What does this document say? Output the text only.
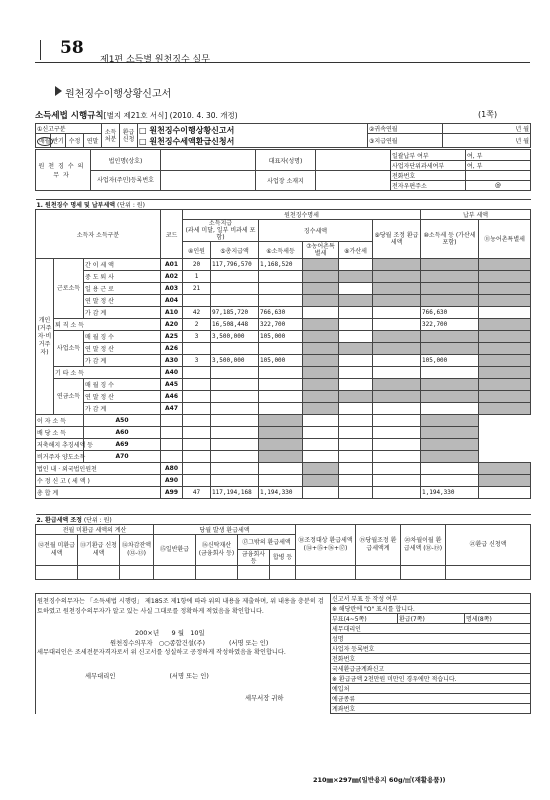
58
제1편 소득별 원천징수 실무
원천징수이행상황신고서
소득세법 시행규칙[별지 제21호 서식] (2010. 4. 30. 개정)	(1쪽)
①신고구분				소득처분	환급신청	□ 원천징수이행상황신고서
□ 원천징수세액환급신청서	②귀속연월	년 월
매월	반기	수정	연말				③지급연월	년 월
원천징수의무자	법인명(상호)		대표자(성명)		일괄납부 여부	여, 부
					사업자단위과세여부	여, 부
	사업자(주민)등록번호		사업장 소재지		전화번호	
					전자우편주소	@
1. 원천징수 명세 및 납부세액 (단위 : 원)											
소득자 소득구분			코드	원천징수명세						납부 세액	

				소득지급
(과세 미달, 일부 비과세 포함)		징수세액			⑨당월 조정 환급세액	⑩소득세 등 (가산세 포함)	⑪농어촌특별세
				④인원	⑤총지급액	⑥소득세등	⑦농어촌특별세	⑧가산세			
개인(거주자·비거주자)	근로소득	간 이 세 액	A01	20	117,796,570	1,168,520					
		중 도 퇴 사	A02	1							
		일 용 근 로	A03	21							
		연 말 정 산	A04								
		가 감 계	A10	42	97,185,720	766,630				766,630	
	퇴 직 소 득		A20	2	16,508,448	322,700				322,700	
	사업소득	매 월 징 수	A25	3	3,500,000	105,000					
		연 말 정 산	A26								
		가 감 계	A30	3	3,500,000	105,000				105,000	
	기 타 소 득		A40								
	연금소득	매 월 징 수	A45								
		연 말 정 산	A46								
		가 감 계	A47								
이 자 소 득		A50									
배 당 소 득		A60									
저축해지 추징세액 등		A69									
비거주자 양도소득		A70									
법인 내 · 외국법인원천			A80								
수 정 신 고 ( 세 액 )			A90								
총 합 계			A99	47	117,194,168	1,194,330				1,194,330	
2. 환급세액 조정 (단위 : 원)										
전월 미환급 세액의 계산			당월 발생 환급세액				⑱조정대상 환급세액 (⑭+⑮+⑯+⑰)	⑲당월조정 환급세액계	⑳차월이월 환급세액 (⑱-⑲)	㉑환급 신청액
⑫전월 미환급세액	⑬기환급 신청세액	⑭차감잔액 (⑫-⑬)	⑮일반환급	⑯신탁재산 (금융회사 등)	⑰그밖의 환급세액					
					금융회사 등	합병 등				

원천징수의무자는 「소득세법 시행령」 제185조 제1항에 따라 위의 내용을 제출하며, 위 내용을 충분히 검토하였고 원천징수의무자가 알고 있는 사실 그대로를 정확하게 적었음을 확인합니다.
200×년 9 월 10일
원천징수의무자 ○○종합건설(주)	(서명 또는 인)
세무대리인은 조세전문자격자로서 위 신고서를 성실하고 공정하게 작성하였음을 확인합니다.
세무대리인	(서명 또는 인)
세무서장 귀하
신고서 부표 등 작성 여부
※ 해당란에 "O" 표시를 합니다.
부표(4~5쪽)	환급(7쪽)	명세(8쪽)
세무대리인
성명
사업자 등록번호
전화번호
국세환급금계좌신고
※ 환급금액 2천만원 미만인 경우에만 적습니다.
예입처
예금종류
계좌번호
210㎜×297㎜(일반용지 60g/㎡(재활용품))
